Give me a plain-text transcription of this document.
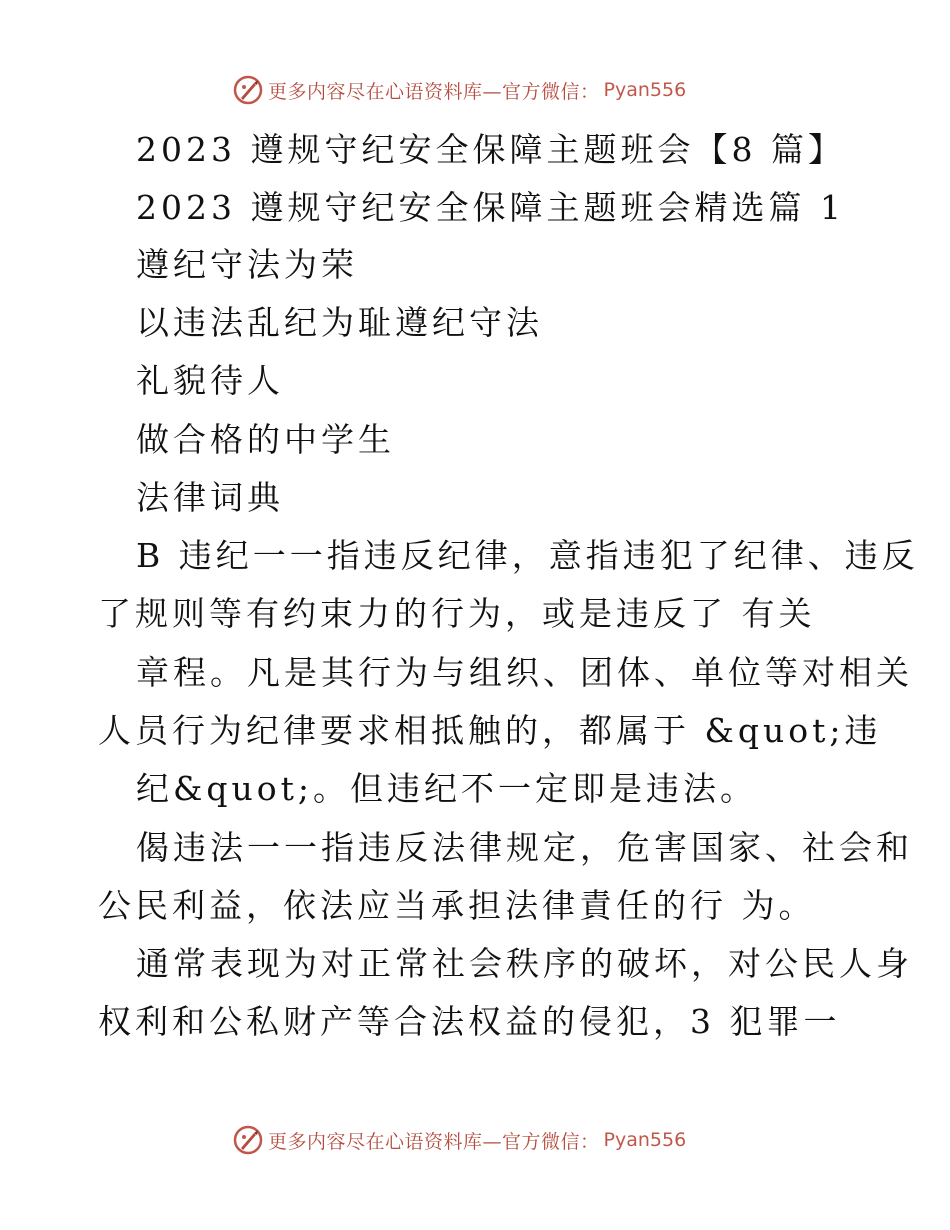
更多内容尽在心语资料库—官方微信： Pyan556
2023 遵规守纪安全保障主题班会【8 篇】
2023 遵规守纪安全保障主题班会精选篇 1
遵纪守法为荣
以违法乱纪为耻遵纪守法
礼貌待人
做合格的中学生
法律词典
B 违纪一一指违反纪律，意指违犯了纪律、违反
了规则等有约束力的行为，或是违反了 有关
章程。凡是其行为与组织、团体、单位等对相关
人员行为纪律要求相抵触的，都属于 &quot;违
纪&quot;。但违纪不一定即是违法。
偈违法一一指违反法律规定，危害国家、社会和
公民利益，依法应当承担法律責任的行 为。
通常表现为对正常社会秩序的破坏，对公民人身
权利和公私财产等合法权益的侵犯，3 犯罪一
更多内容尽在心语资料库—官方微信： Pyan556
